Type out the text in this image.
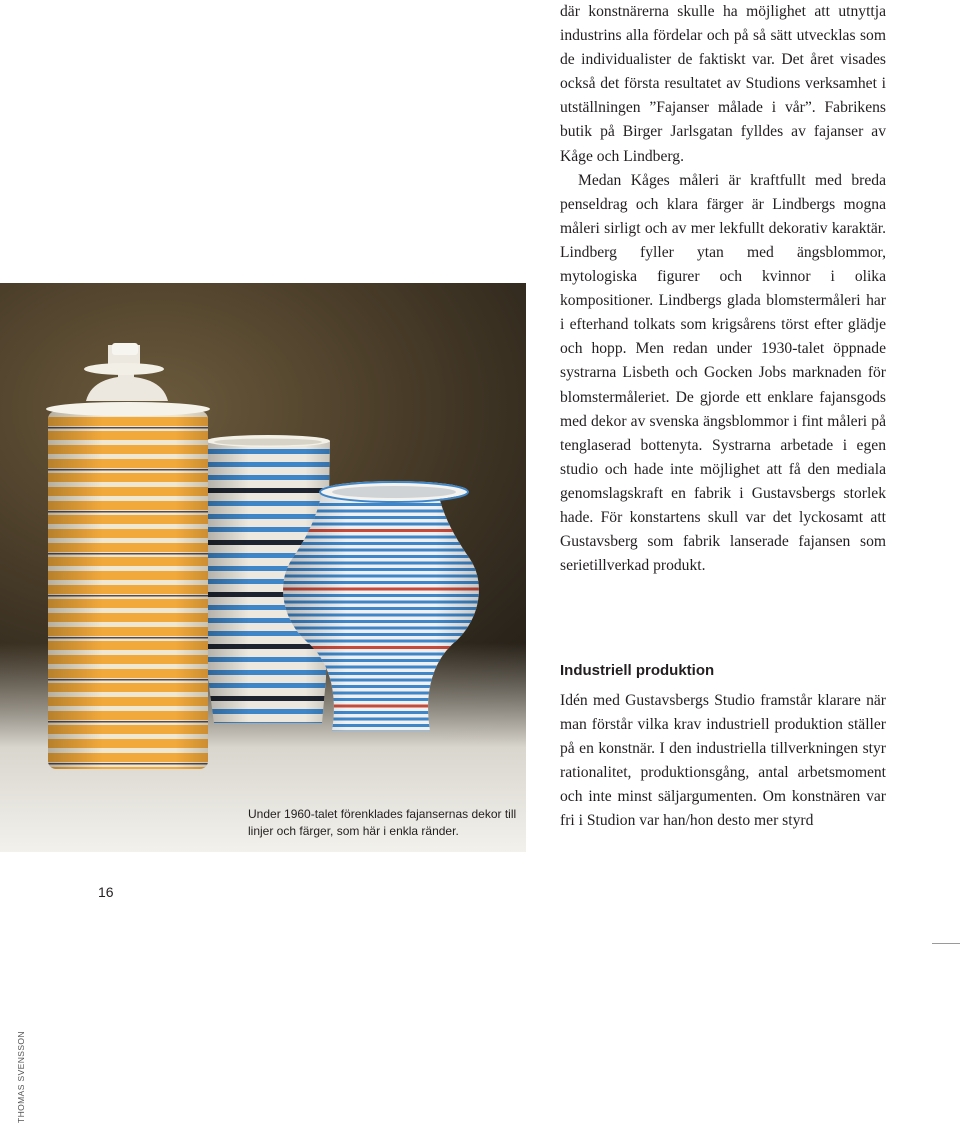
THOMAS SVENSSON
Under 1960-talet förenklades fajansernas dekor till linjer och färger, som här i enkla ränder.

där konstnärerna skulle ha möjlighet att utnyttja industrins alla fördelar och på så sätt utvecklas som de individualister de faktiskt var. Det året visades också det första resultatet av Studions verksamhet i utställningen ”Fajanser målade i vår”. Fabrikens butik på Birger Jarlsgatan fylldes av fajanser av Kåge och Lindberg.

Medan Kåges måleri är kraftfullt med breda penseldrag och klara färger är Lindbergs mogna måleri sirligt och av mer lekfullt dekorativ karaktär. Lindberg fyller ytan med ängsblommor, mytologiska figurer och kvinnor i olika kompositioner. Lindbergs glada blomstermåleri har i efterhand tolkats som krigsårens törst efter glädje och hopp. Men redan under 1930-talet öppnade systrarna Lisbeth och Gocken Jobs marknaden för blomstermåleriet. De gjorde ett enklare fajansgods med dekor av svenska ängsblommor i fint måleri på tenglaserad bottenyta. Systrarna arbetade i egen studio och hade inte möjlighet att få den mediala genomslagskraft en fabrik i Gustavsbergs storlek hade. För konstartens skull var det lyckosamt att Gustavsberg som fabrik lanserade fajansen som serietillverkad produkt.

Industriell produktion

Idén med Gustavsbergs Studio framstår klarare när man förstår vilka krav industriell produktion ställer på en konstnär. I den industriella tillverkningen styr rationalitet, produktionsgång, antal arbetsmoment och inte minst säljargumenten. Om konstnären var fri i Studion var han/hon desto mer styrd

16
